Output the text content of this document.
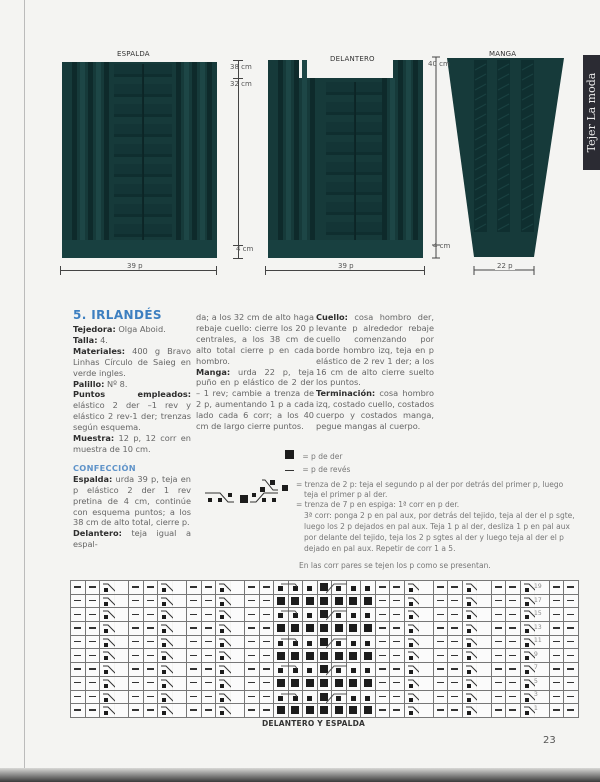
Tejer La moda
ESPALDA
38 cm
32 cm
4 cm
39 p
DELANTERO
39 p
MANGA
40 cm
4 cm
22 p
5. IRLANDÉS
Tejedora: Olga Aboid.
Talla: 4.
Materiales: 400 g Bravo Linhas Círculo de Saieg en verde ingles.
Palillo: Nº 8.
Puntos empleados: elástico 2 der –1 rev y elástico 2 rev-1 der; trenzas según esquema.
Muestra: 12 p, 12 corr en muestra de 10 cm.
CONFECCIÓN
Espalda: urda 39 p, teja en p elástico 2 der 1 rev pretina de 4 cm, continúe con esquema puntos; a los 38 cm de alto total, cierre p.
Delantero: teja igual a espal-
da; a los 32 cm de alto haga rebaje cuello: cierre los 20 p centrales, a los 38 cm de alto total cierre p en cada hombro.
Manga: urda 22 p, teja puño en p elástico de 2 der – 1 rev; cambie a trenza de 2 p, aumentando 1 p a cada lado cada 6 corr; a los 40 cm de largo cierre puntos.
Cuello: cosa hombro der, levante p alrededor rebaje cuello comenzando por borde hombro izq, teja en p elástico de 2 rev 1 der; a los 16 cm de alto cierre suelto los puntos.
Terminación: cosa hombro izq, costado cuello, costados cuerpo y costados manga, pegue mangas al cuerpo.
= p de der
= p de revés
= trenza de 2 p: teja el segundo p al der por detrás del primer p, luego
teja el primer p al der.
= trenza de 7 p en espiga: 1ª corr en p der.
3ª corr: ponga 2 p en pal aux, por detrás del tejido, teja al der el p sgte,
luego los 2 p dejados en pal aux. Teja 1 p al der, desliza 1 p en pal aux
por delante del tejido, teja los 2 p sgtes al der y luego teja al der el p
dejado en pal aux. Repetir de corr 1 a 5.
En las corr pares se tejen los p como se presentan.

19
17
15
13
11
9
7
5
3
1
DELANTERO Y ESPALDA
23
